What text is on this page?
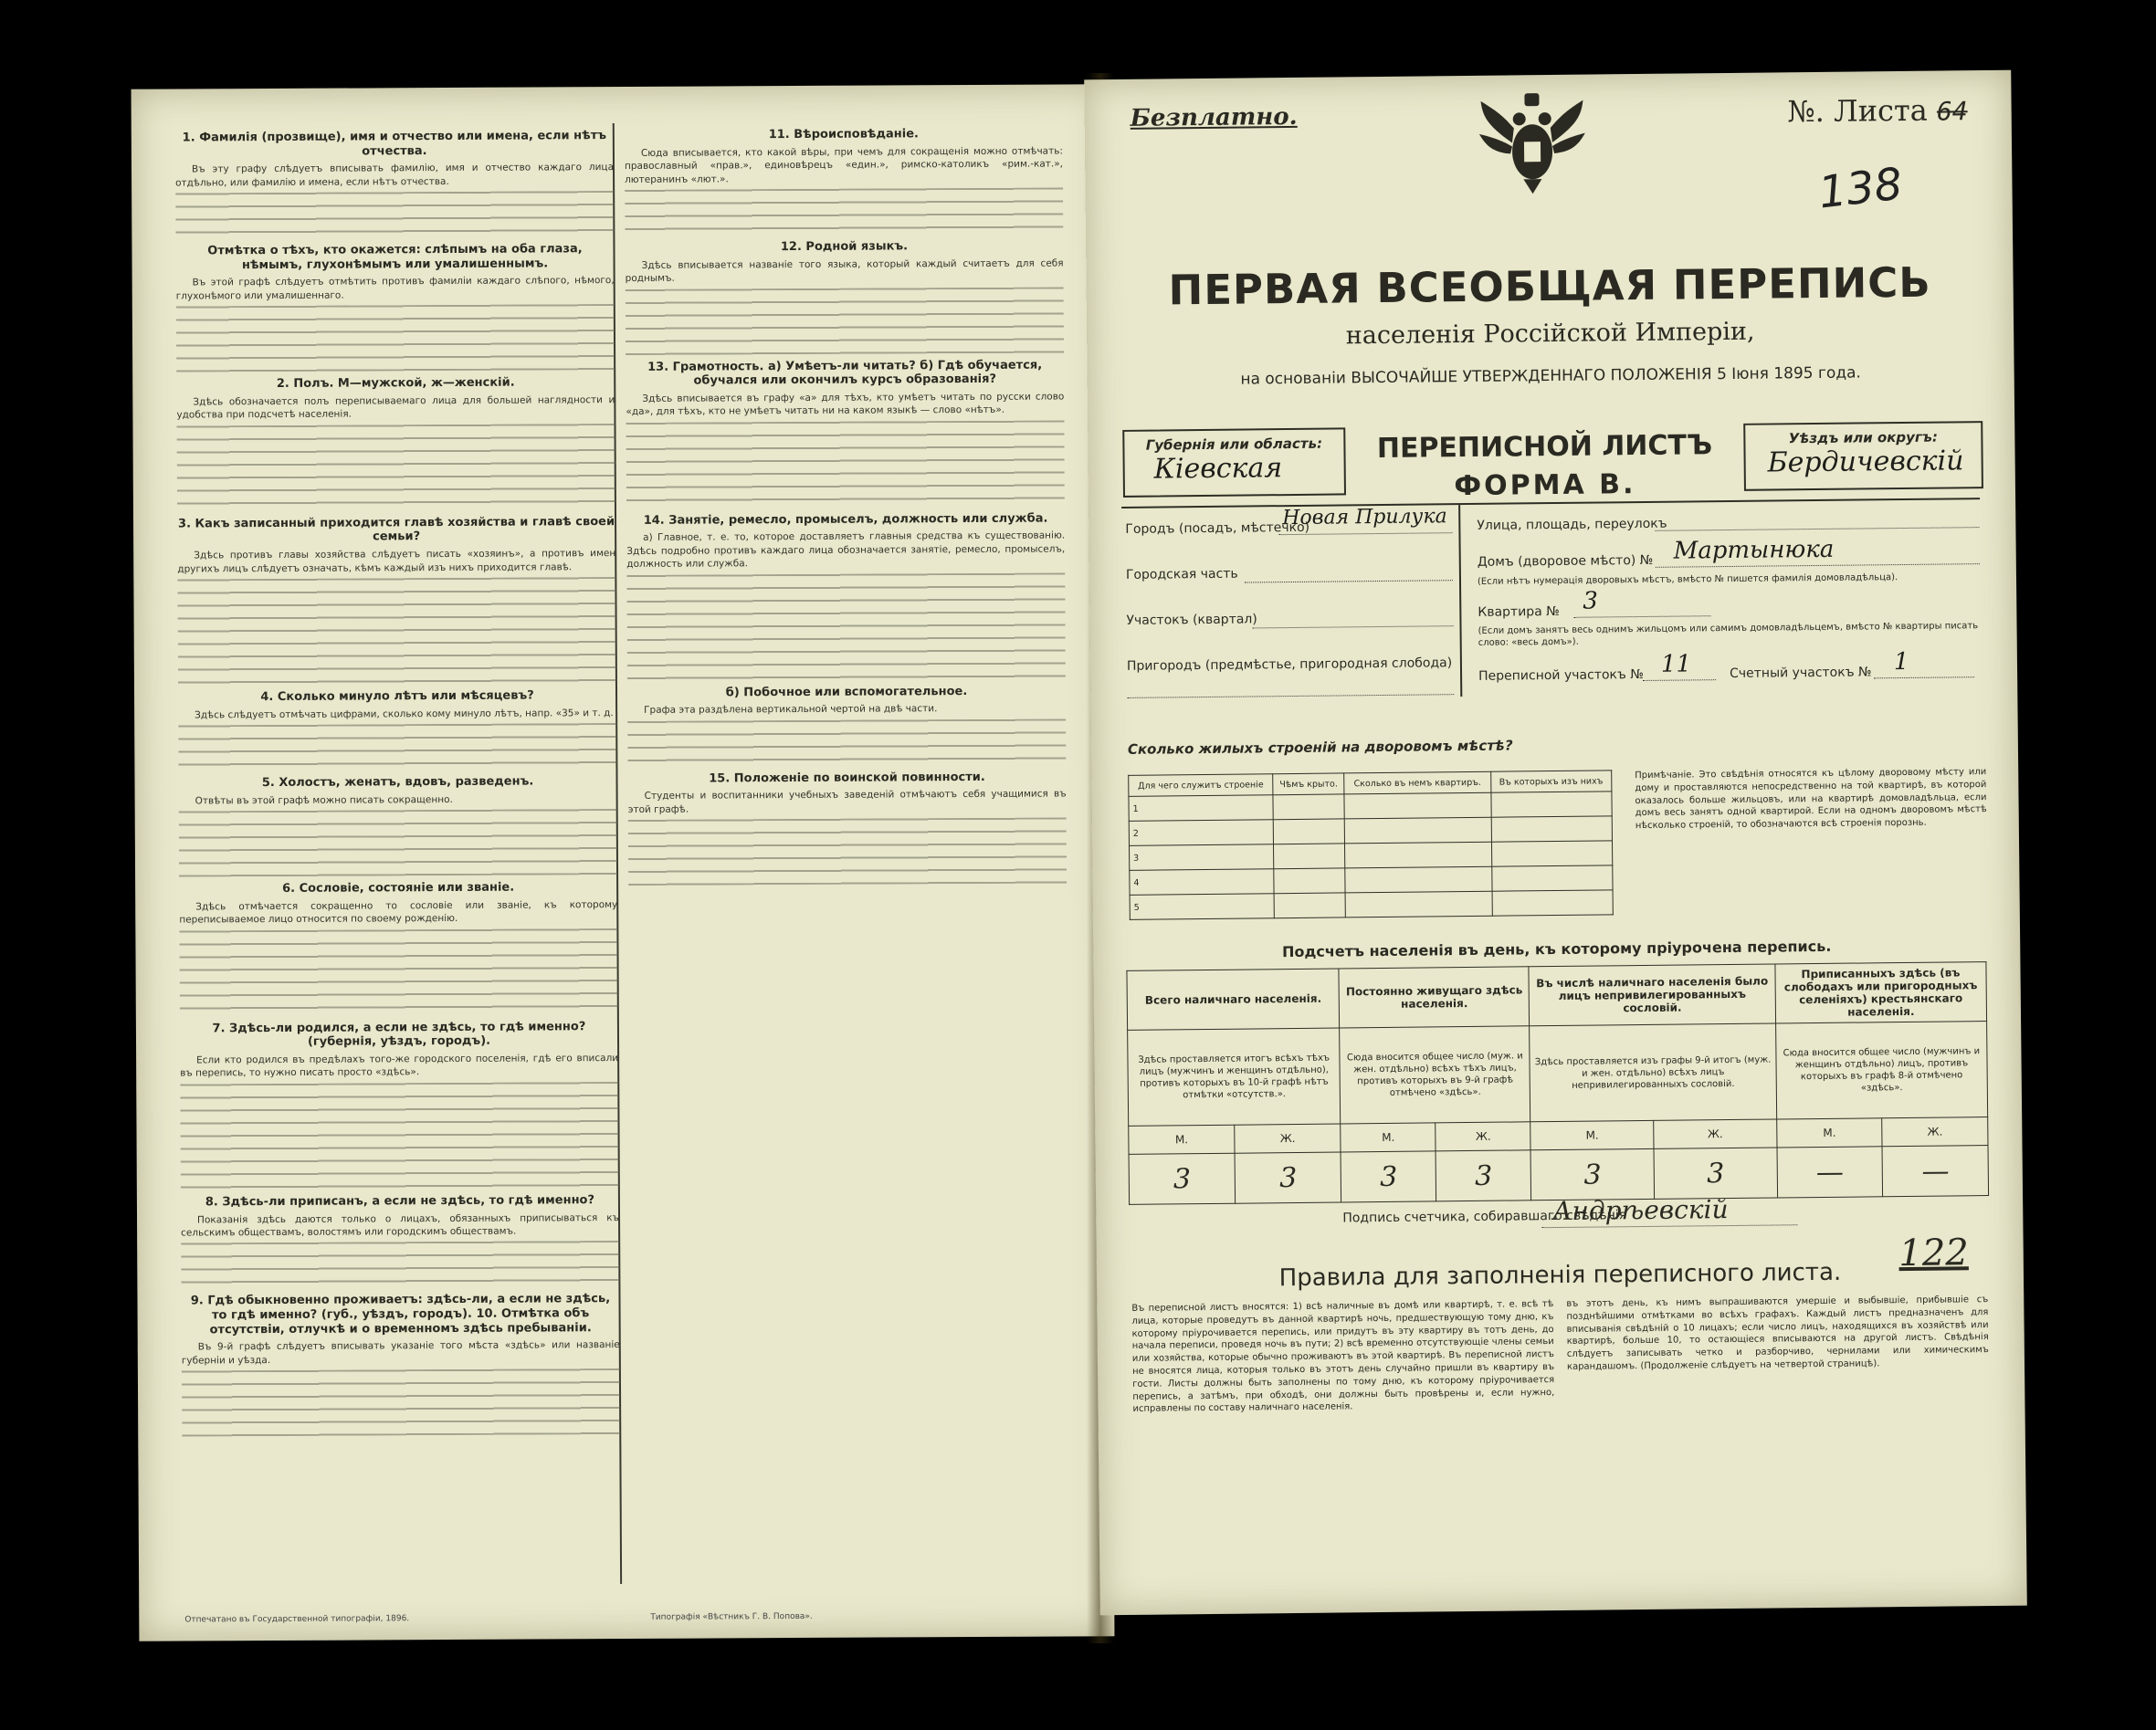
1. Фамилія (прозвище), имя и отчество или имена, если нѣтъ отчества.
Въ эту графу слѣдуетъ вписывать фамилію, имя и отчество каждаго лица отдѣльно, или фамилію и имена, если нѣтъ отчества.
Отмѣтка о тѣхъ, кто окажется: слѣпымъ на оба глаза, нѣмымъ, глухонѣмымъ или умалишеннымъ.
Въ этой графѣ слѣдуетъ отмѣтить противъ фамиліи каждаго слѣпого, нѣмого, глухонѣмого или умалишеннаго.
2. Полъ. М—мужской, ж—женскій.
Здѣсь обозначается полъ переписываемаго лица для большей наглядности и удобства при подсчетѣ населенія.
3. Какъ записанный приходится главѣ хозяйства и главѣ своей семьи?
Здѣсь противъ главы хозяйства слѣдуетъ писать «хозяинъ», а противъ имен другихъ лицъ слѣдуетъ означать, кѣмъ каждый изъ нихъ приходится главѣ.
4. Сколько минуло лѣтъ или мѣсяцевъ?
Здѣсь слѣдуетъ отмѣчать цифрами, сколько кому минуло лѣтъ, напр. «35» и т. д.
5. Холостъ, женатъ, вдовъ, разведенъ.
Отвѣты въ этой графѣ можно писать сокращенно.
6. Сословіе, состояніе или званіе.
Здѣсь отмѣчается сокращенно то сословіе или званіе, къ которому переписываемое лицо относится по своему рожденію.
7. Здѣсь-ли родился, а если не здѣсь, то гдѣ именно? (губернія, уѣздъ, городъ).
Если кто родился въ предѣлахъ того-же городского поселенія, гдѣ его вписали въ перепись, то нужно писать просто «здѣсь».
8. Здѣсь-ли приписанъ, а если не здѣсь, то гдѣ именно?
Показанія здѣсь даются только о лицахъ, обязанныхъ приписываться къ сельскимъ обществамъ, волостямъ или городскимъ обществамъ.
9. Гдѣ обыкновенно проживаетъ: здѣсь-ли, а если не здѣсь, то гдѣ именно? (губ., уѣздъ, городъ). 10. Отмѣтка объ отсутствіи, отлучкѣ и о временномъ здѣсь пребываніи.
Въ 9-й графѣ слѣдуетъ вписывать указаніе того мѣста «здѣсь» или названіе губерніи и уѣзда.
11. Вѣроисповѣданіе.
Сюда вписывается, кто какой вѣры, при чемъ для сокращенія можно отмѣчать: православный «прав.», единовѣрецъ «един.», римско-католикъ «рим.-кат.», лютеранинъ «лют.».
12. Родной языкъ.
Здѣсь вписывается названіе того языка, который каждый считаетъ для себя роднымъ.
13. Грамотность. а) Умѣетъ-ли читать? б) Гдѣ обучается, обучался или окончилъ курсъ образованія?
Здѣсь вписывается въ графу «а» для тѣхъ, кто умѣетъ читать по русски слово «да», для тѣхъ, кто не умѣетъ читать ни на каком языкѣ — слово «нѣтъ».
14. Занятіе, ремесло, промыселъ, должность или служба.
а) Главное, т. е. то, которое доставляетъ главныя средства къ существованію. Здѣсь подробно противъ каждаго лица обозначается занятіе, ремесло, промыселъ, должность или служба.
б) Побочное или вспомогательное.
Графа эта раздѣлена вертикальной чертой на двѣ части.
15. Положеніе по воинской повинности.
Студенты и воспитанники учебныхъ заведеній отмѣчаютъ себя учащимися въ этой графѣ.
Отпечатано въ Государственной типографіи, 1896.	Типографія «Вѣстникъ Г. В. Попова».
Безплатно.	№. Листа 64
138
ПЕРВАЯ ВСЕОБЩАЯ ПЕРЕПИСЬ
населенія Россійской Имперіи,
на основаніи ВЫСОЧАЙШЕ УТВЕРЖДЕННАГО ПОЛОЖЕНІЯ 5 Іюня 1895 года.
Губернія или область:
Кіевская
ПЕРЕПИСНОЙ ЛИСТЪ
ФОРМА В.
Уѣздъ или округъ:
Бердичевскій
Городъ (посадъ, мѣстечко)
Новая Прилука
Городская часть
Участокъ (квартал)
Пригородъ (предмѣстье, пригородная слобода)
Улица, площадь, переулокъ
Домъ (дворовое мѣсто) № Мартынюка
(Если нѣтъ нумерація дворовыхъ мѣстъ, вмѣсто № пишется фамилія домовладѣльца).
Квартира № 3
(Если домъ занятъ весь однимъ жильцомъ или самимъ домовладѣльцемъ, вмѣсто № квартиры писать слово: «весь домъ»).
Переписной участокъ № 11	Счетный участокъ № 1
Сколько жилыхъ строеній на дворовомъ мѣстѣ?
Для чего служитъ строеніе	Чѣмъ крыто.	Сколько въ немъ квартиръ.	Въ которыхъ изъ нихъ
1			
2			
3			
4			
5			
Примѣчаніе. Это свѣдѣнія относятся къ цѣлому дворовому мѣсту или дому и проставляются непосредственно на той квартирѣ, въ которой оказалось больше жильцовъ, или на квартирѣ домовладѣльца, если домъ весь занятъ одной квартирой. Если на одномъ дворовомъ мѣстѣ нѣсколько строеній, то обозначаются всѣ строенія порознь.
Подсчетъ населенія въ день, къ которому пріурочена перепись.
Всего наличнаго населенія.		Постоянно живущаго здѣсь населенія.		Въ числѣ наличнаго населенія было лицъ непривилегированныхъ сословій.		Приписанныхъ здѣсь (въ слободахъ или пригородныхъ селеніяхъ) крестьянскаго населенія.	
Здѣсь проставляется итогъ всѣхъ тѣхъ лицъ (мужчинъ и женщинъ отдѣльно), противъ которыхъ въ 10-й графѣ нѣтъ отмѣтки «отсутств.».		Сюда вносится общее число (муж. и жен. отдѣльно) всѣхъ тѣхъ лицъ, противъ которыхъ въ 9-й графѣ отмѣчено «здѣсь».		Здѣсь проставляется изъ графы 9-й итогъ (муж. и жен. отдѣльно) всѣхъ лицъ непривилегированныхъ сословій.		Сюда вносится общее число (мужчинъ и женщинъ отдѣльно) лицъ, противъ которыхъ въ графѣ 8-й отмѣчено «здѣсь».	
М.	Ж.	М.	Ж.	М.	Ж.	М.	Ж.
3	3	3	3	3	3	—	—
Подпись счетчика, собиравшаго свѣдѣнія
Андрѣевскій
122
Правила для заполненія переписного листа.
Въ переписной листъ вносятся: 1) всѣ наличные въ домѣ или квартирѣ, т. е. всѣ тѣ лица, которые проведутъ въ данной квартирѣ ночь, предшествующую тому дню, къ которому пріурочивается перепись, или придутъ въ эту квартиру въ тотъ день, до начала переписи, проведя ночь въ пути; 2) всѣ временно отсутствующіе члены семьи или хозяйства, которые обычно проживаютъ въ этой квартирѣ. Въ переписной листъ не вносятся лица, которыя только въ этотъ день случайно пришли въ квартиру въ гости. Листы должны быть заполнены по тому дню, къ которому пріурочивается перепись, а затѣмъ, при обходѣ, они должны быть провѣрены и, если нужно, исправлены по составу наличнаго населенія.
въ этотъ день, къ нимъ выпрашиваются умершіе и выбывшіе, прибывшіе съ позднѣйшими отмѣтками во всѣхъ графахъ. Каждый листъ предназначенъ для вписыванія свѣдѣній о 10 лицахъ; если число лицъ, находящихся въ хозяйствѣ или квартирѣ, больше 10, то остающіеся вписываются на другой листъ. Свѣдѣнія слѣдуетъ записывать четко и разборчиво, чернилами или химическимъ карандашомъ. (Продолженіе слѣдуетъ на четвертой страницѣ).
